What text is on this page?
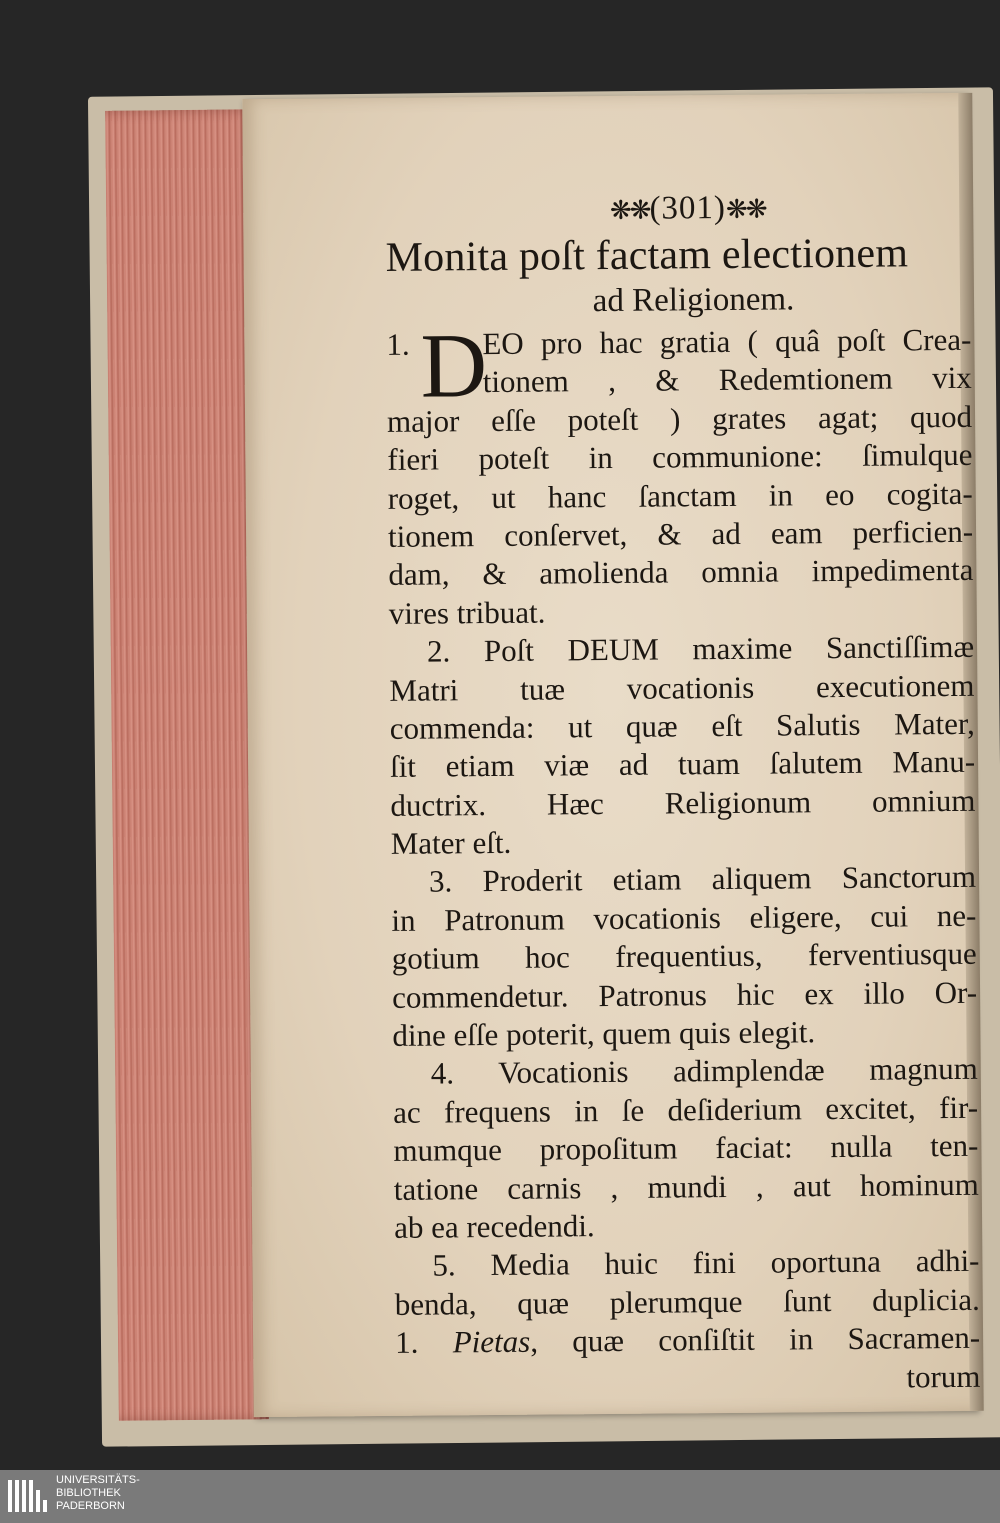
❋❋(301)❋❋
Monita poſt factam electionem
ad Religionem.
1. D
EO pro hac gratia ( quâ poſt Crea-
tionem , & Redemtionem vix
major eſſe poteſt ) grates agat; quod
fieri poteſt in communione: ſimulque
roget, ut hanc ſanctam in eo cogita-
tionem conſervet, & ad eam perficien-
dam, & amolienda omnia impedimenta
vires tribuat.
2. Poſt DEUM maxime Sanctiſſimæ
Matri tuæ vocationis executionem
commenda: ut quæ eſt Salutis Mater,
ſit etiam viæ ad tuam ſalutem Manu-
ductrix. Hæc Religionum omnium
Mater eſt.
3. Proderit etiam aliquem Sanctorum
in Patronum vocationis eligere, cui ne-
gotium hoc frequentius, ferventiusque
commendetur. Patronus hic ex illo Or-
dine eſſe poterit, quem quis elegit.
4. Vocationis adimplendæ magnum
ac frequens in ſe deſiderium excitet, fir-
mumque propoſitum faciat: nulla ten-
tatione carnis , mundi , aut hominum
ab ea recedendi.
5. Media huic fini oportuna adhi-
benda, quæ plerumque ſunt duplicia.
1. Pietas, quæ conſiſtit in Sacramen-
torum
UNIVERSITÄTS-
BIBLIOTHEK
PADERBORN
